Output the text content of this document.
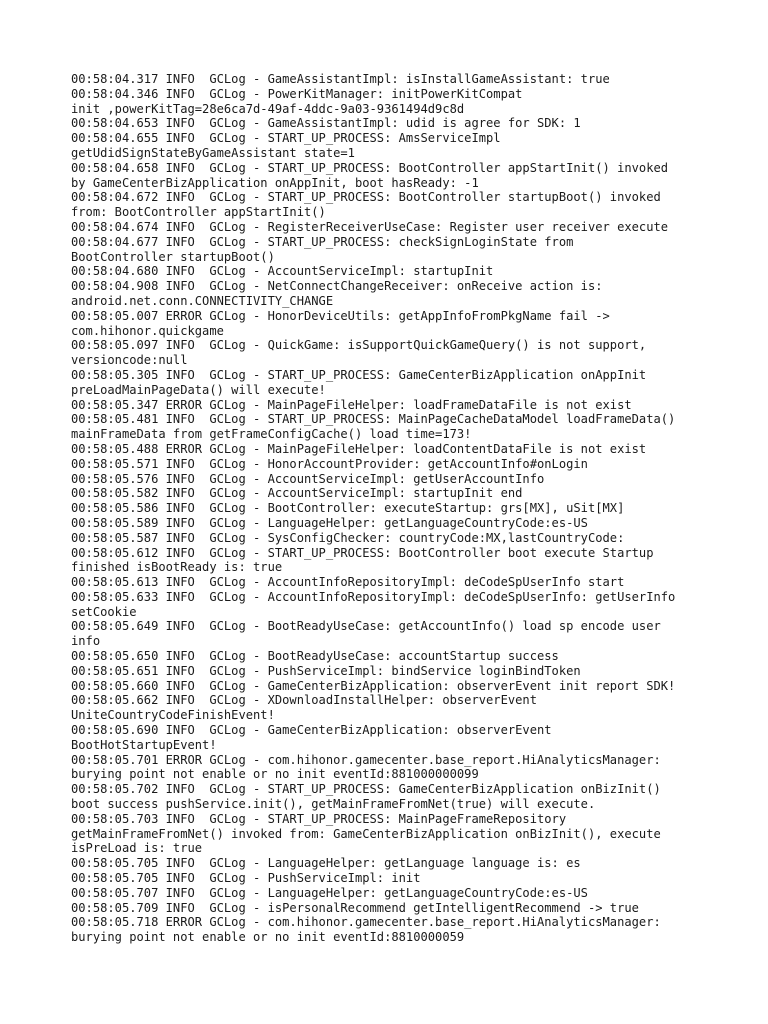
00:58:04.317 INFO  GCLog - GameAssistantImpl: isInstallGameAssistant: true
00:58:04.346 INFO  GCLog - PowerKitManager: initPowerKitCompat
init ,powerKitTag=28e6ca7d-49af-4ddc-9a03-9361494d9c8d
00:58:04.653 INFO  GCLog - GameAssistantImpl: udid is agree for SDK: 1
00:58:04.655 INFO  GCLog - START_UP_PROCESS: AmsServiceImpl
getUdidSignStateByGameAssistant state=1
00:58:04.658 INFO  GCLog - START_UP_PROCESS: BootController appStartInit() invoked
by GameCenterBizApplication onAppInit, boot hasReady: -1
00:58:04.672 INFO  GCLog - START_UP_PROCESS: BootController startupBoot() invoked
from: BootController appStartInit()
00:58:04.674 INFO  GCLog - RegisterReceiverUseCase: Register user receiver execute
00:58:04.677 INFO  GCLog - START_UP_PROCESS: checkSignLoginState from
BootController startupBoot()
00:58:04.680 INFO  GCLog - AccountServiceImpl: startupInit
00:58:04.908 INFO  GCLog - NetConnectChangeReceiver: onReceive action is:
android.net.conn.CONNECTIVITY_CHANGE
00:58:05.007 ERROR GCLog - HonorDeviceUtils: getAppInfoFromPkgName fail ->
com.hihonor.quickgame
00:58:05.097 INFO  GCLog - QuickGame: isSupportQuickGameQuery() is not support,
versioncode:null
00:58:05.305 INFO  GCLog - START_UP_PROCESS: GameCenterBizApplication onAppInit
preLoadMainPageData() will execute!
00:58:05.347 ERROR GCLog - MainPageFileHelper: loadFrameDataFile is not exist
00:58:05.481 INFO  GCLog - START_UP_PROCESS: MainPageCacheDataModel loadFrameData()
mainFrameData from getFrameConfigCache() load time=173!
00:58:05.488 ERROR GCLog - MainPageFileHelper: loadContentDataFile is not exist
00:58:05.571 INFO  GCLog - HonorAccountProvider: getAccountInfo#onLogin
00:58:05.576 INFO  GCLog - AccountServiceImpl: getUserAccountInfo
00:58:05.582 INFO  GCLog - AccountServiceImpl: startupInit end
00:58:05.586 INFO  GCLog - BootController: executeStartup: grs[MX], uSit[MX]
00:58:05.589 INFO  GCLog - LanguageHelper: getLanguageCountryCode:es-US
00:58:05.587 INFO  GCLog - SysConfigChecker: countryCode:MX,lastCountryCode:
00:58:05.612 INFO  GCLog - START_UP_PROCESS: BootController boot execute Startup
finished isBootReady is: true
00:58:05.613 INFO  GCLog - AccountInfoRepositoryImpl: deCodeSpUserInfo start
00:58:05.633 INFO  GCLog - AccountInfoRepositoryImpl: deCodeSpUserInfo: getUserInfo
setCookie
00:58:05.649 INFO  GCLog - BootReadyUseCase: getAccountInfo() load sp encode user
info
00:58:05.650 INFO  GCLog - BootReadyUseCase: accountStartup success
00:58:05.651 INFO  GCLog - PushServiceImpl: bindService loginBindToken
00:58:05.660 INFO  GCLog - GameCenterBizApplication: observerEvent init report SDK!
00:58:05.662 INFO  GCLog - XDownloadInstallHelper: observerEvent
UniteCountryCodeFinishEvent!
00:58:05.690 INFO  GCLog - GameCenterBizApplication: observerEvent
BootHotStartupEvent!
00:58:05.701 ERROR GCLog - com.hihonor.gamecenter.base_report.HiAnalyticsManager:
burying point not enable or no init eventId:881000000099
00:58:05.702 INFO  GCLog - START_UP_PROCESS: GameCenterBizApplication onBizInit()
boot success pushService.init(), getMainFrameFromNet(true) will execute.
00:58:05.703 INFO  GCLog - START_UP_PROCESS: MainPageFrameRepository
getMainFrameFromNet() invoked from: GameCenterBizApplication onBizInit(), execute
isPreLoad is: true
00:58:05.705 INFO  GCLog - LanguageHelper: getLanguage language is: es
00:58:05.705 INFO  GCLog - PushServiceImpl: init
00:58:05.707 INFO  GCLog - LanguageHelper: getLanguageCountryCode:es-US
00:58:05.709 INFO  GCLog - isPersonalRecommend getIntelligentRecommend -> true
00:58:05.718 ERROR GCLog - com.hihonor.gamecenter.base_report.HiAnalyticsManager:
burying point not enable or no init eventId:8810000059
